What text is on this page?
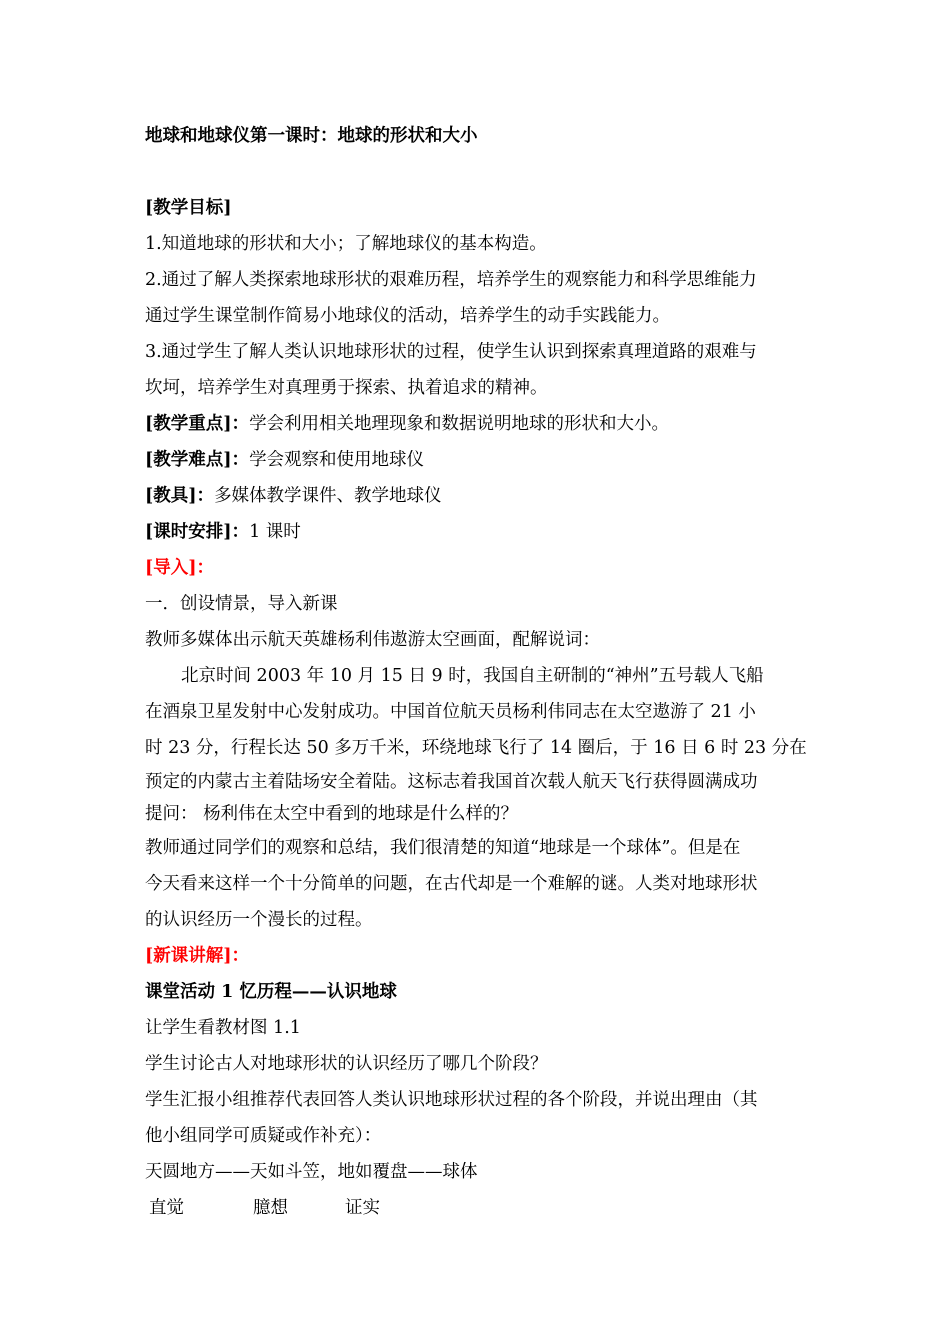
地球和地球仪第一课时：地球的形状和大小
[教学目标]
1.知道地球的形状和大小；了解地球仪的基本构造。
2.通过了解人类探索地球形状的艰难历程，培养学生的观察能力和科学思维能力
通过学生课堂制作简易小地球仪的活动，培养学生的动手实践能力。
3.通过学生了解人类认识地球形状的过程，使学生认识到探索真理道路的艰难与
坎坷，培养学生对真理勇于探索、执着追求的精神。
[教学重点]：学会利用相关地理现象和数据说明地球的形状和大小。
[教学难点]：学会观察和使用地球仪
[教具]：多媒体教学课件、教学地球仪
[课时安排]：1 课时
[导入]：
一．创设情景，导入新课
教师多媒体出示航天英雄杨利伟遨游太空画面，配解说词：
北京时间 2003 年 10 月 15 日 9 时，我国自主研制的“神州”五号载人飞船
在酒泉卫星发射中心发射成功。中国首位航天员杨利伟同志在太空遨游了 21 小
时 23 分，行程长达 50 多万千米，环绕地球飞行了 14 圈后，于 16 日 6 时 23 分在
预定的内蒙古主着陆场安全着陆。这标志着我国首次载人航天飞行获得圆满成功
提问： 杨利伟在太空中看到的地球是什么样的？
教师通过同学们的观察和总结，我们很清楚的知道“地球是一个球体”。但是在
今天看来这样一个十分简单的问题，在古代却是一个难解的谜。人类对地球形状
的认识经历一个漫长的过程。
[新课讲解]：
课堂活动 1 忆历程——认识地球
让学生看教材图 1.1
学生讨论古人对地球形状的认识经历了哪几个阶段？
学生汇报小组推荐代表回答人类认识地球形状过程的各个阶段，并说出理由（其
他小组同学可质疑或作补充）：
天圆地方——天如斗笠，地如覆盘——球体
直觉	臆想	证实
